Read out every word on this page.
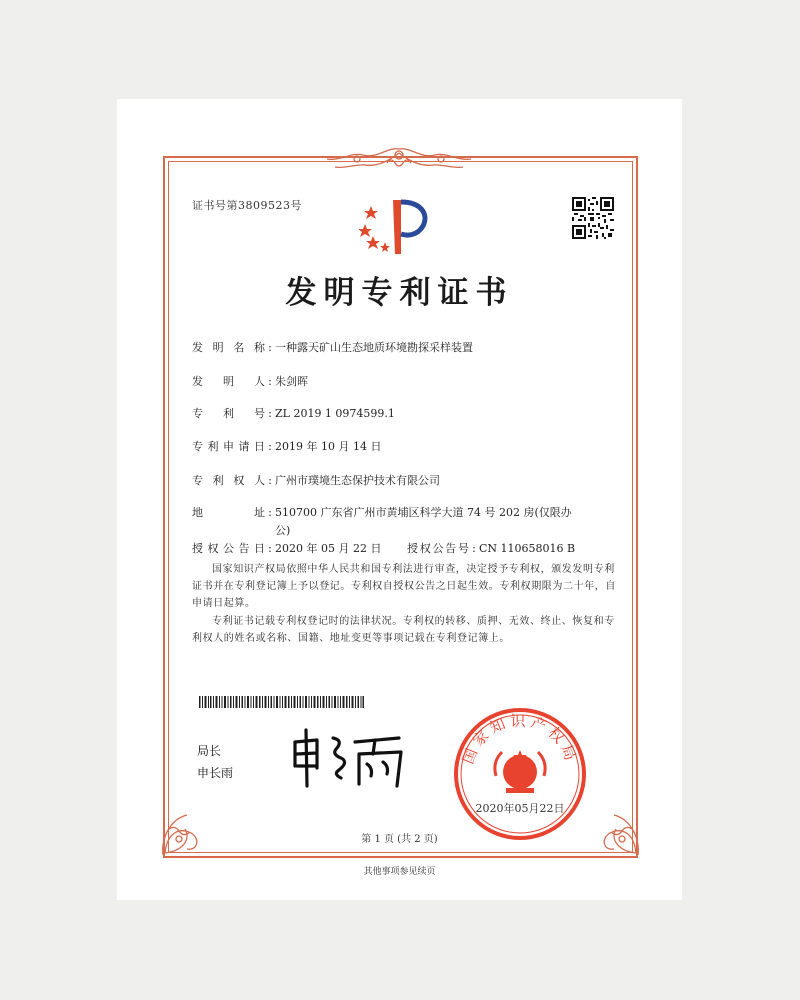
证书号第3809523号
发明专利证书
发明名称 : 一种露天矿山生态地质环境勘探采样装置
发明人 : 朱剑晖
专利号 : ZL 2019 1 0974599.1
专利申请日 : 2019 年 10 月 14 日
专利权人 : 广州市璞境生态保护技术有限公司
地址 : 510700 广东省广州市黄埔区科学大道 74 号 202 房(仅限办公)
授权公告日 : 2020 年 05 月 22 日 授权公告号 : CN 110658016 B
国家知识产权局依照中华人民共和国专利法进行审查，决定授予专利权，颁发发明专利证书并在专利登记簿上予以登记。专利权自授权公告之日起生效。专利权期限为二十年，自申请日起算。
专利证书记载专利权登记时的法律状况。专利权的转移、质押、无效、终止、恢复和专利权人的姓名或名称、国籍、地址变更等事项记载在专利登记簿上。
局长
申长雨
国家知识产权局
2020年05月22日
第 1 页 (共 2 页)
其他事项参见续页
